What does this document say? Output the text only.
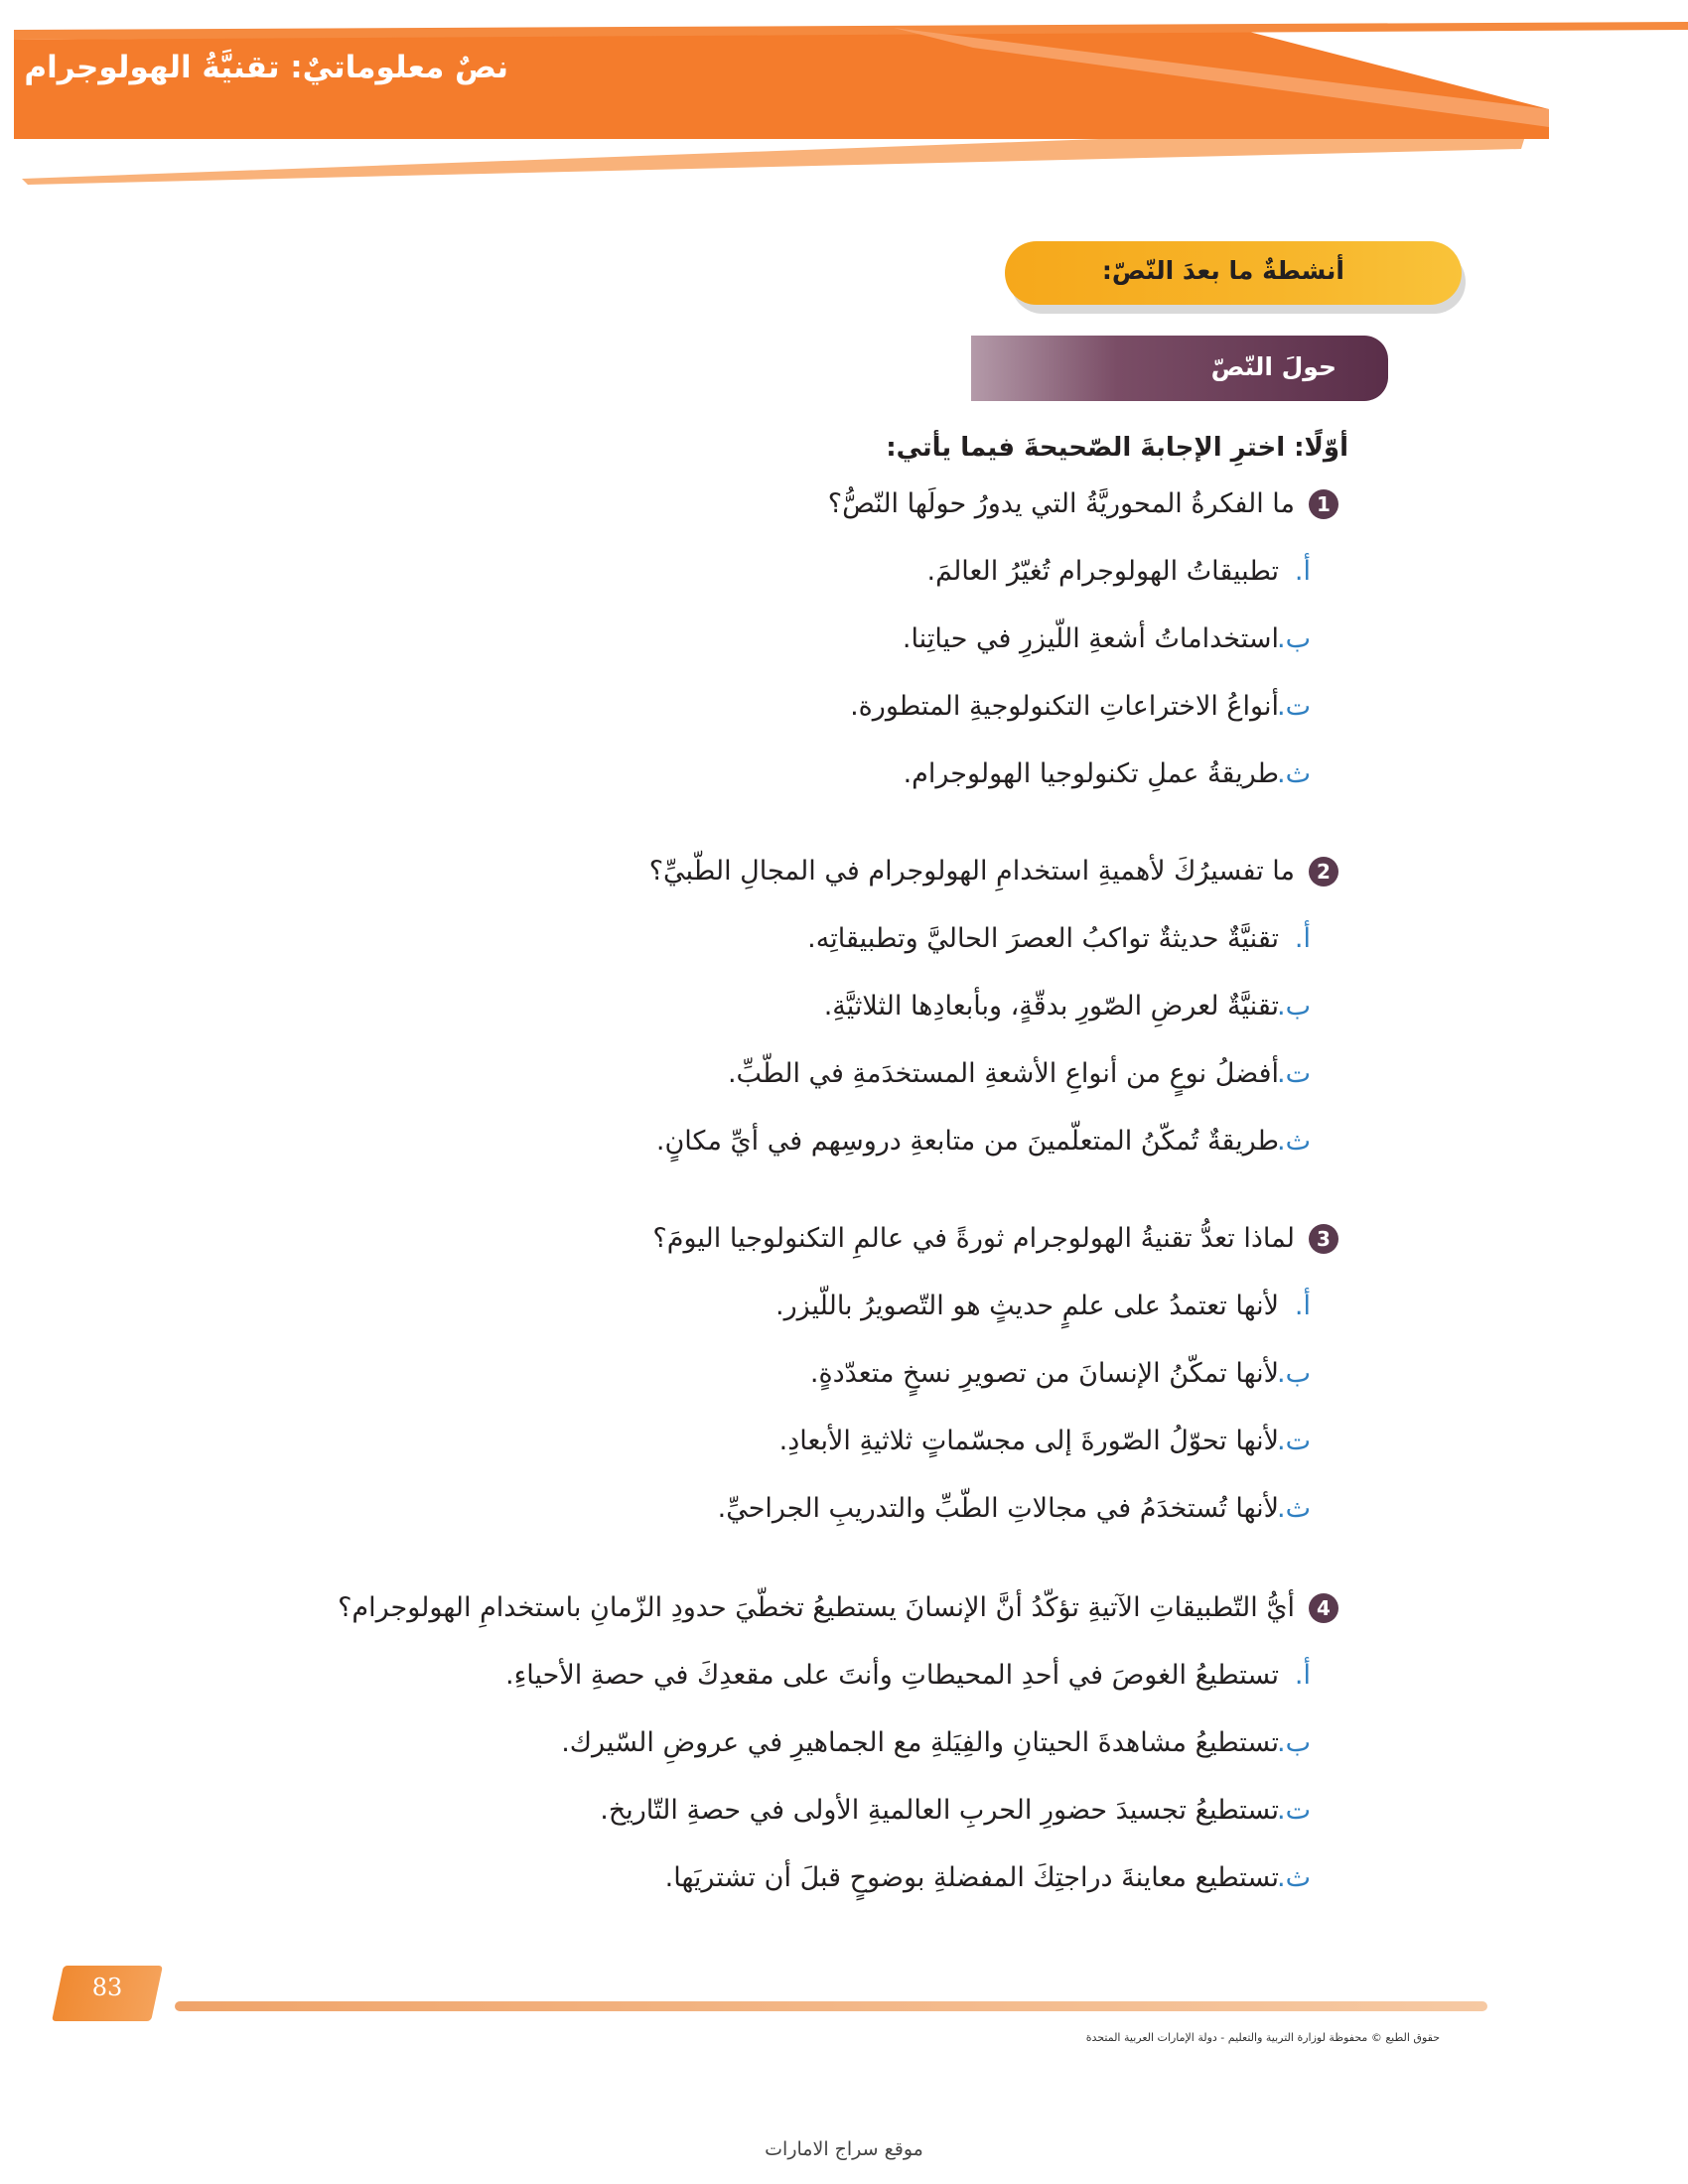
نصٌ معلوماتيٌ: تقنيَّةُ الهولوجرام
أنشطةٌ ما بعدَ النّصّ:
حولَ النّصّ
أوّلًا: اخترِ الإجابةَ الصّحيحةَ فيما يأتي:
1
ما الفكرةُ المحوريَّةُ التي يدورُ حولَها النّصُّ؟
أ.تطبيقاتُ الهولوجرام تُغيّرُ العالمَ.
ب.استخداماتُ أشعةِ اللّيزرِ في حياتِنا.
ت.أنواعُ الاختراعاتِ التكنولوجيةِ المتطورة.
ث.طريقةُ عملِ تكنولوجيا الهولوجرام.
2
ما تفسيرُكَ لأهميةِ استخدامِ الهولوجرام في المجالِ الطّبيِّ؟
أ.تقنيَّةٌ حديثةٌ تواكبُ العصرَ الحاليَّ وتطبيقاتِه.
ب.تقنيَّةٌ لعرضِ الصّورِ بدقّةٍ، وبأبعادِها الثلاثيَّةِ.
ت.أفضلُ نوعٍ من أنواعِ الأشعةِ المستخدَمةِ في الطّبِّ.
ث.طريقةٌ تُمكّنُ المتعلّمينَ من متابعةِ دروسِهم في أيِّ مكانٍ.
3
لماذا تعدُّ تقنيةُ الهولوجرام ثورةً في عالمِ التكنولوجيا اليومَ؟
أ.لأنها تعتمدُ على علمٍ حديثٍ هو التّصويرُ باللّيزر.
ب.لأنها تمكّنُ الإنسانَ من تصويرِ نسخٍ متعدّدةٍ.
ت.لأنها تحوّلُ الصّورةَ إلى مجسّماتٍ ثلاثيةِ الأبعادِ.
ث.لأنها تُستخدَمُ في مجالاتِ الطّبِّ والتدريبِ الجراحيِّ.
4
أيُّ التّطبيقاتِ الآتيةِ تؤكّدُ أنَّ الإنسانَ يستطيعُ تخطّيَ حدودِ الزّمانِ باستخدامِ الهولوجرام؟
أ.تستطيعُ الغوصَ في أحدِ المحيطاتِ وأنتَ على مقعدِكَ في حصةِ الأحياءِ.
ب.تستطيعُ مشاهدةَ الحيتانِ والفِيَلةِ مع الجماهيرِ في عروضِ السّيرك.
ت.تستطيعُ تجسيدَ حضورِ الحربِ العالميةِ الأولى في حصةِ التّاريخ.
ث.تستطيع معاينةَ دراجتِكَ المفضلةِ بوضوحٍ قبلَ أن تشتريَها.
83
حقوق الطبع © محفوظة لوزارة التربية والتعليم - دولة الإمارات العربية المتحدة
موقع سراج الامارات
